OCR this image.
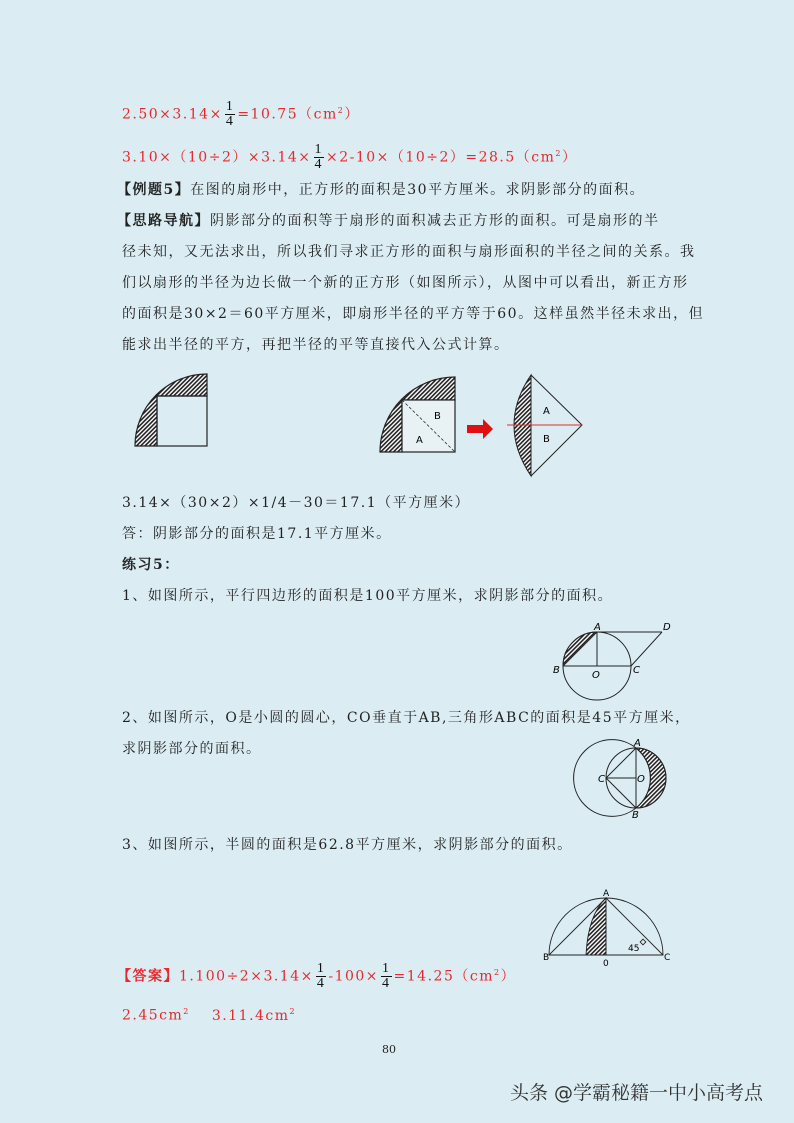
$2.50\times 3.14\times \frac{1}{4} =10.75(cm^2)$
$3.10\times(10\div 2)\times 3.14\times \frac{1}{4} \times 2-10\times(10\div 2)=28.5(cm^2)$
【例题5】在图的扇形中，正方形的面积是30平方厘米。求阴影部分的面积。
【思路导航】阴影部分的面积等于扇形的面积减去正方形的面积。可是扇形的半
径未知，又无法求出，所以我们寻求正方形的面积与扇形面积的半径之间的关系。我
们以扇形的半径为边长做一个新的正方形（如图所示），从图中可以看出，新正方形
的面积是30×2＝60平方厘米，即扇形半径的平方等于60。这样虽然半径未求出，但
能求出半径的平方，再把半径的平等直接代入公式计算。
3.14×（30×2）×1/4－30＝17.1（平方厘米）
答：阴影部分的面积是17.1平方厘米。
练习5：
1、如图所示，平行四边形的面积是100平方厘米，求阴影部分的面积。
2、如图所示，O是小圆的圆心，CO垂直于AB,三角形ABC的面积是45平方厘米，
求阴影部分的面积。
3、如图所示，半圆的面积是62.8平方厘米，求阴影部分的面积。
【答案】$1.100\div 2\times 3.14\times \frac{1}{4} -100\times \frac{1}{4} =14.25(cm^2)$
$2.45cm^2$ $3.11.4cm^2$
B
A
A
B
A	D
B	O	C
A
C	O
B
A
B	C
0
45
80
头条 @学霸秘籍一中小高考点
